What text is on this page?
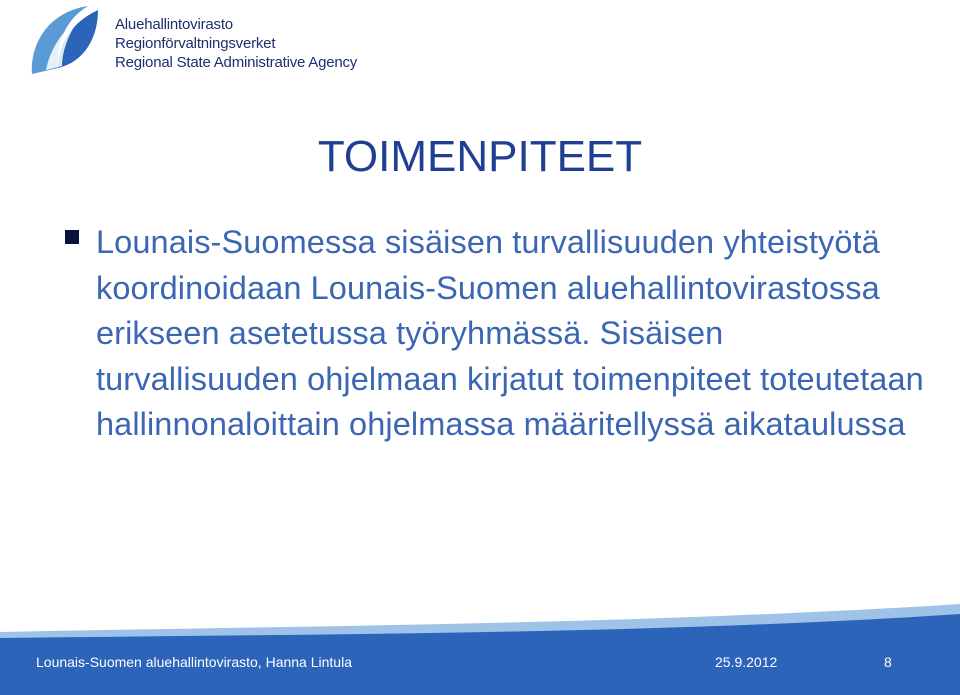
Aluehallintovirasto
Regionförvaltningsverket
Regional State Administrative Agency
TOIMENPITEET
Lounais-Suomessa sisäisen turvallisuuden yhteistyötä koordinoidaan Lounais-Suomen aluehallintovirastossa erikseen asetetussa työryhmässä. Sisäisen turvallisuuden ohjelmaan kirjatut toimenpiteet toteutetaan hallinnonaloittain ohjelmassa määritellyssä aikataulussa
Lounais-Suomen aluehallintovirasto, Hanna Lintula	25.9.2012	8
